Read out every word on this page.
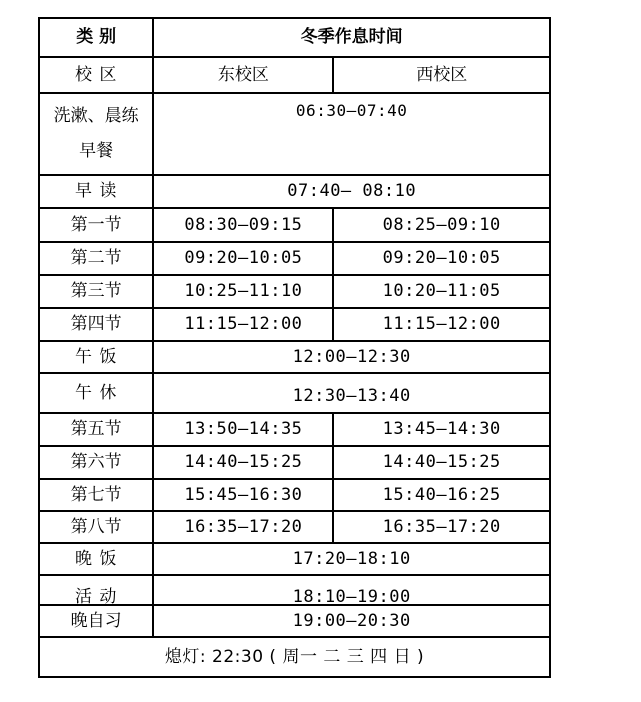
类 别	冬季作息时间	
校 区	东校区	西校区

洗漱、晨练
早餐	06:30—07:40	

早 读	07:40— 08:10	
第一节	08:30—09:15	08:25—09:10
第二节	09:20—10:05	09:20—10:05
第三节	10:25—11:10	10:20—11:05
第四节	11:15—12:00	11:15—12:00
午 饭	12:00—12:30	
午 休	12:30—13:40	
第五节	13:50—14:35	13:45—14:30
第六节	14:40—15:25	14:40—15:25
第七节	15:45—16:30	15:40—16:25
第八节	16:35—17:20	16:35—17:20
晚 饭	17:20—18:10	
活 动	18:10—19:00	
晚自习	19:00—20:30	
熄灯: 22:30 ( 周一 二 三 四 日 )		
